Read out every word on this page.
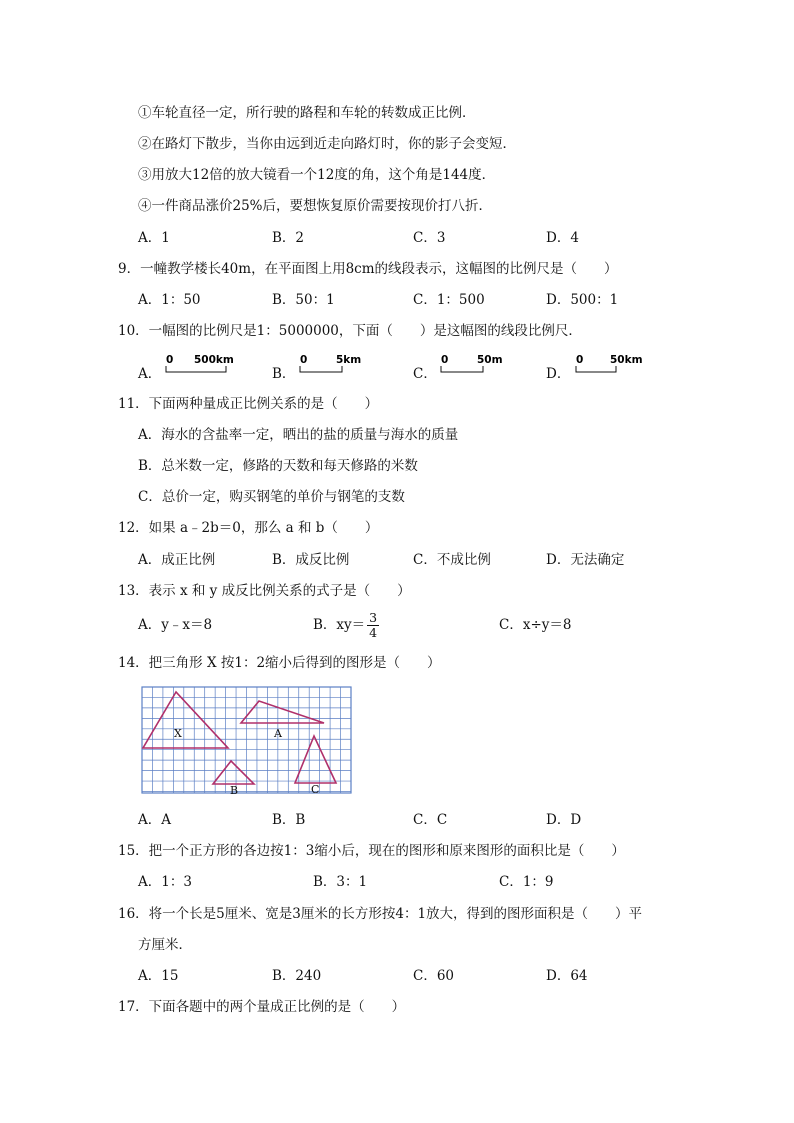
①车轮直径一定，所行驶的路程和车轮的转数成正比例．
②在路灯下散步，当你由远到近走向路灯时，你的影子会变短．
③用放大12倍的放大镜看一个12度的角，这个角是144度．
④一件商品涨价25%后，要想恢复原价需要按现价打八折．
A．1	B．2	C．3	D．4
9．一幢教学楼长40m，在平面图上用8cm的线段表示，这幅图的比例尺是（　　）
A．1：50	B．50：1	C．1：500	D．500：1
10．一幅图的比例尺是1：5000000，下面（　　）是这幅图的线段比例尺．
A．
0 500km
B．
0	5km
C．
0	50m
D．
0	50km
11．下面两种量成正比例关系的是（　　）
A．海水的含盐率一定，晒出的盐的质量与海水的质量
B．总米数一定，修路的天数和每天修路的米数
C．总价一定，购买钢笔的单价与钢笔的支数
12．如果 a﹣2b＝0，那么 a 和 b（　　）
A．成正比例	B．成反比例	C．不成比例	D．无法确定
13．表示 x 和 y 成反比例关系的式子是（　　）
A．y﹣x＝8	B．$xy= \frac{3}{4}$	C．x÷y＝8
14．把三角形 X 按1：2缩小后得到的图形是（　　）
X	A
B	C
A．A	B．B	C．C	D．D
15．把一个正方形的各边按1：3缩小后，现在的图形和原来图形的面积比是（　　）
A．1：3	B．3：1	C．1：9
16．将一个长是5厘米、宽是3厘米的长方形按4：1放大，得到的图形面积是（　　）平
方厘米．
A．15	B．240	C．60	D．64
17．下面各题中的两个量成正比例的是（　　）
